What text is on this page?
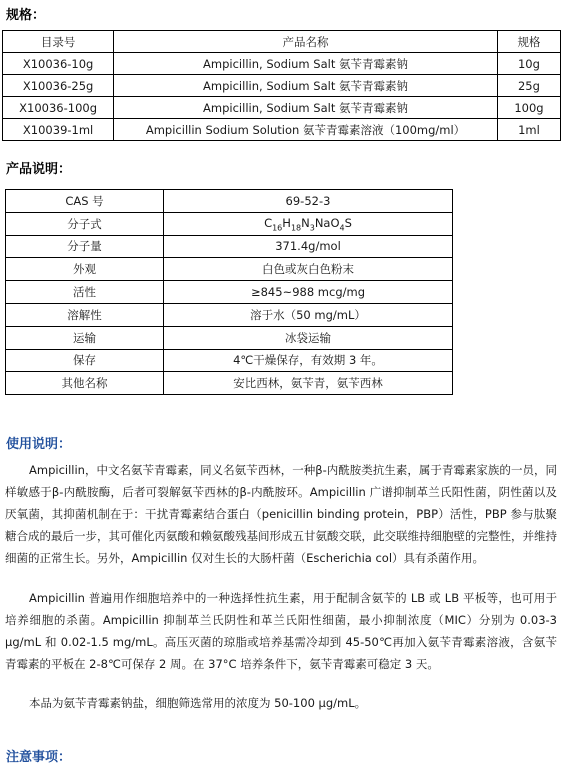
规格：
目录号	产品名称	规格
X10036-10g	Ampicillin, Sodium Salt 氨苄青霉素钠	10g
X10036-25g	Ampicillin, Sodium Salt 氨苄青霉素钠	25g
X10036-100g	Ampicillin, Sodium Salt 氨苄青霉素钠	100g
X10039-1ml	Ampicillin Sodium Solution 氨苄青霉素溶液（100mg/ml）	1ml
产品说明：
CAS 号	69-52-3
分子式	$C_{16}H_{18}N_3NaO_4S$
分子量	371.4g/mol
外观	白色或灰白色粉末
活性	≥845~988 mcg/mg
溶解性	溶于水（50 mg/mL）
运输	冰袋运输
保存	4℃干燥保存，有效期 3 年。
其他名称	安比西林，氨苄青，氨苄西林
使用说明：

Ampicillin，中文名氨苄青霉素，同义名氨苄西林，一种β-内酰胺类抗生素，属于青霉素家族的一员，同样敏感于β-内酰胺酶，后者可裂解氨苄西林的β-内酰胺环。Ampicillin 广谱抑制革兰氏阳性菌，阴性菌以及厌氧菌，其抑菌机制在于：干扰青霉素结合蛋白（penicillin binding protein，PBP）活性，PBP 参与肽聚糖合成的最后一步，其可催化丙氨酸和赖氨酸残基间形成五甘氨酸交联，此交联维持细胞壁的完整性，并维持细菌的正常生长。另外，Ampicillin 仅对生长的大肠杆菌（Escherichia col）具有杀菌作用。

Ampicillin 普遍用作细胞培养中的一种选择性抗生素，用于配制含氨苄的 LB 或 LB 平板等，也可用于培养细胞的杀菌。Ampicillin 抑制革兰氏阴性和革兰氏阳性细菌，最小抑制浓度（MIC）分别为 0.03-3 μg/mL 和 0.02-1.5 mg/mL。高压灭菌的琼脂或培养基需冷却到 45-50℃再加入氨苄青霉素溶液，含氨苄青霉素的平板在 2-8℃可保存 2 周。在 37°C 培养条件下，氨苄青霉素可稳定 3 天。

本品为氨苄青霉素钠盐，细胞筛选常用的浓度为 50-100 μg/mL。

注意事项：
